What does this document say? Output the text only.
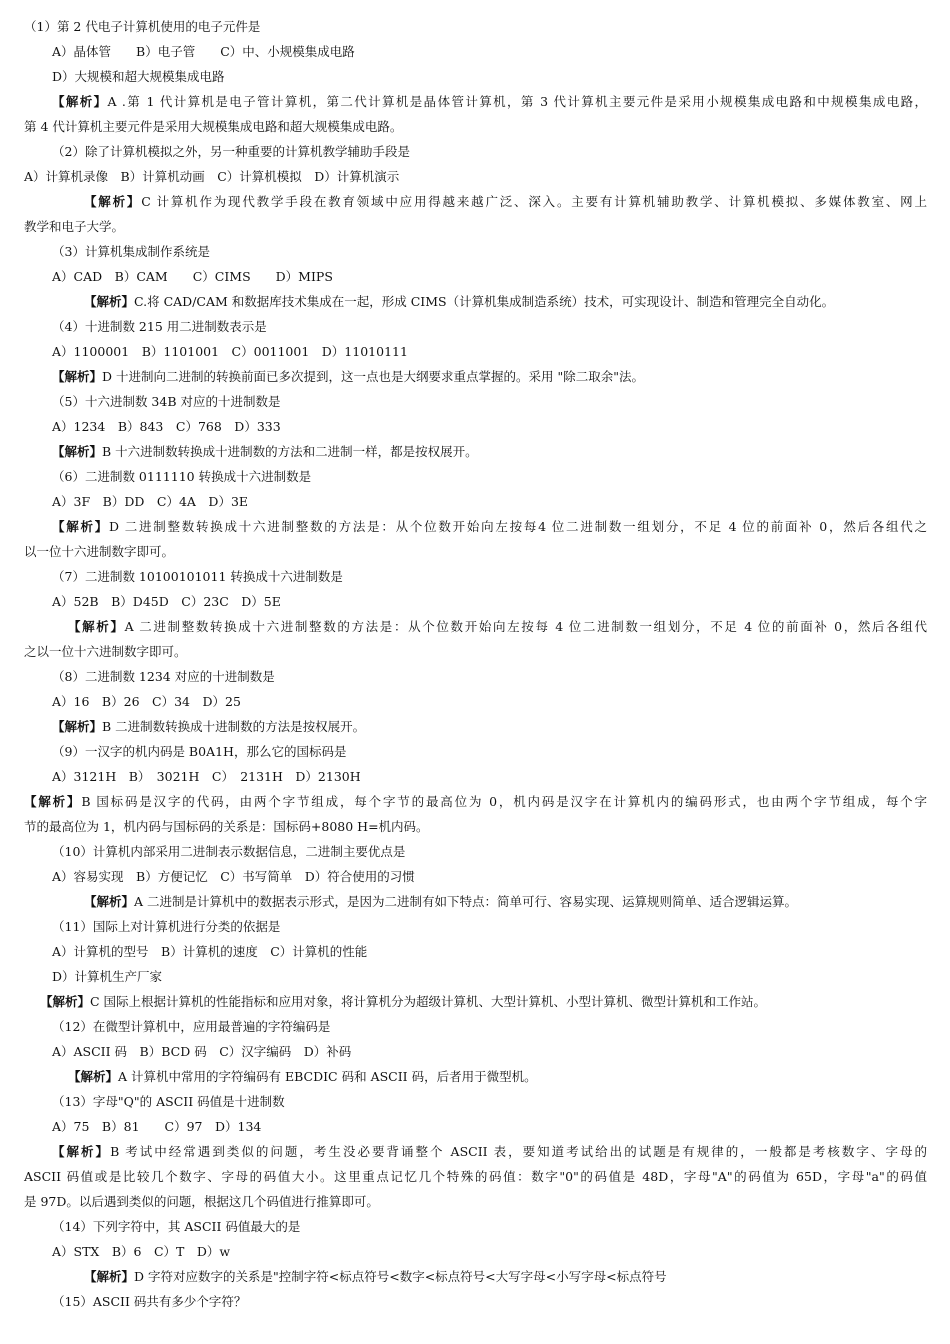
（1）第 2 代电子计算机使用的电子元件是
A）晶体管　　B）电子管　　C）中、小规模集成电路
D）大规模和超大规模集成电路
【解析】A .第 1 代计算机是电子管计算机，第二代计算机是晶体管计算机，第 3 代计算机主要元件是采用小规模集成电路和中规模集成电路，
第 4 代计算机主要元件是采用大规模集成电路和超大规模集成电路。
（2）除了计算机模拟之外，另一种重要的计算机教学辅助手段是
A）计算机录像　B）计算机动画　C）计算机模拟　D）计算机演示
【解析】C 计算机作为现代教学手段在教育领域中应用得越来越广泛、深入。主要有计算机辅助教学、计算机模拟、多媒体教室、网上
教学和电子大学。
（3）计算机集成制作系统是
A）CAD　B）CAM　　C）CIMS　　D）MIPS
【解析】C.将 CAD/CAM 和数据库技术集成在一起，形成 CIMS（计算机集成制造系统）技术，可实现设计、制造和管理完全自动化。
（4）十进制数 215 用二进制数表示是
A）1100001　B）1101001　C）0011001　D）11010111
【解析】D 十进制向二进制的转换前面已多次提到，这一点也是大纲要求重点掌握的。采用 "除二取余"法。
（5）十六进制数 34B 对应的十进制数是
A）1234　B）843　C）768　D）333
【解析】B 十六进制数转换成十进制数的方法和二进制一样，都是按权展开。
（6）二进制数 0111110 转换成十六进制数是
A）3F　B）DD　C）4A　D）3E
【解析】D 二进制整数转换成十六进制整数的方法是：从个位数开始向左按每4 位二进制数一组划分，不足 4 位的前面补 0，然后各组代之
以一位十六进制数字即可。
（7）二进制数 10100101011 转换成十六进制数是
A）52B　B）D45D　C）23C　D）5E
【解析】A 二进制整数转换成十六进制整数的方法是：从个位数开始向左按每 4 位二进制数一组划分，不足 4 位的前面补 0，然后各组代
之以一位十六进制数字即可。
（8）二进制数 1234 对应的十进制数是
A）16　B）26　C）34　D）25
【解析】B 二进制数转换成十进制数的方法是按权展开。
（9）一汉字的机内码是 B0A1H，那么它的国标码是
A）3121H　B）　3021H　C）　2131H　D）2130H
【解析】B 国标码是汉字的代码，由两个字节组成，每个字节的最高位为 0，机内码是汉字在计算机内的编码形式，也由两个字节组成，每个字
节的最高位为 1，机内码与国标码的关系是：国标码+8080 H=机内码。
（10）计算机内部采用二进制表示数据信息，二进制主要优点是
A）容易实现　B）方便记忆　C）书写简单　D）符合使用的习惯
【解析】A 二进制是计算机中的数据表示形式，是因为二进制有如下特点：简单可行、容易实现、运算规则简单、适合逻辑运算。
（11）国际上对计算机进行分类的依据是
A）计算机的型号　B）计算机的速度　C）计算机的性能
D）计算机生产厂家
【解析】C 国际上根据计算机的性能指标和应用对象，将计算机分为超级计算机、大型计算机、小型计算机、微型计算机和工作站。
（12）在微型计算机中，应用最普遍的字符编码是
A）ASCII 码　B）BCD 码　C）汉字编码　D）补码
【解析】A 计算机中常用的字符编码有 EBCDIC 码和 ASCII 码，后者用于微型机。
（13）字母"Q"的 ASCII 码值是十进制数
A）75　B）81　　C）97　D）134
【解析】B 考试中经常遇到类似的问题，考生没必要背诵整个 ASCII 表，要知道考试给出的试题是有规律的，一般都是考核数字、字母的
ASCII 码值或是比较几个数字、字母的码值大小。这里重点记忆几个特殊的码值：数字"0"的码值是 48D，字母"A"的码值为 65D，字母"a"的码值
是 97D。以后遇到类似的问题，根据这几个码值进行推算即可。
（14）下列字符中，其 ASCII 码值最大的是
A）STX　B）6　C）T　D）w
【解析】D 字符对应数字的关系是"控制字符<标点符号<数字<标点符号<大写字母<小写字母<标点符号
（15）ASCII 码共有多少个字符？
